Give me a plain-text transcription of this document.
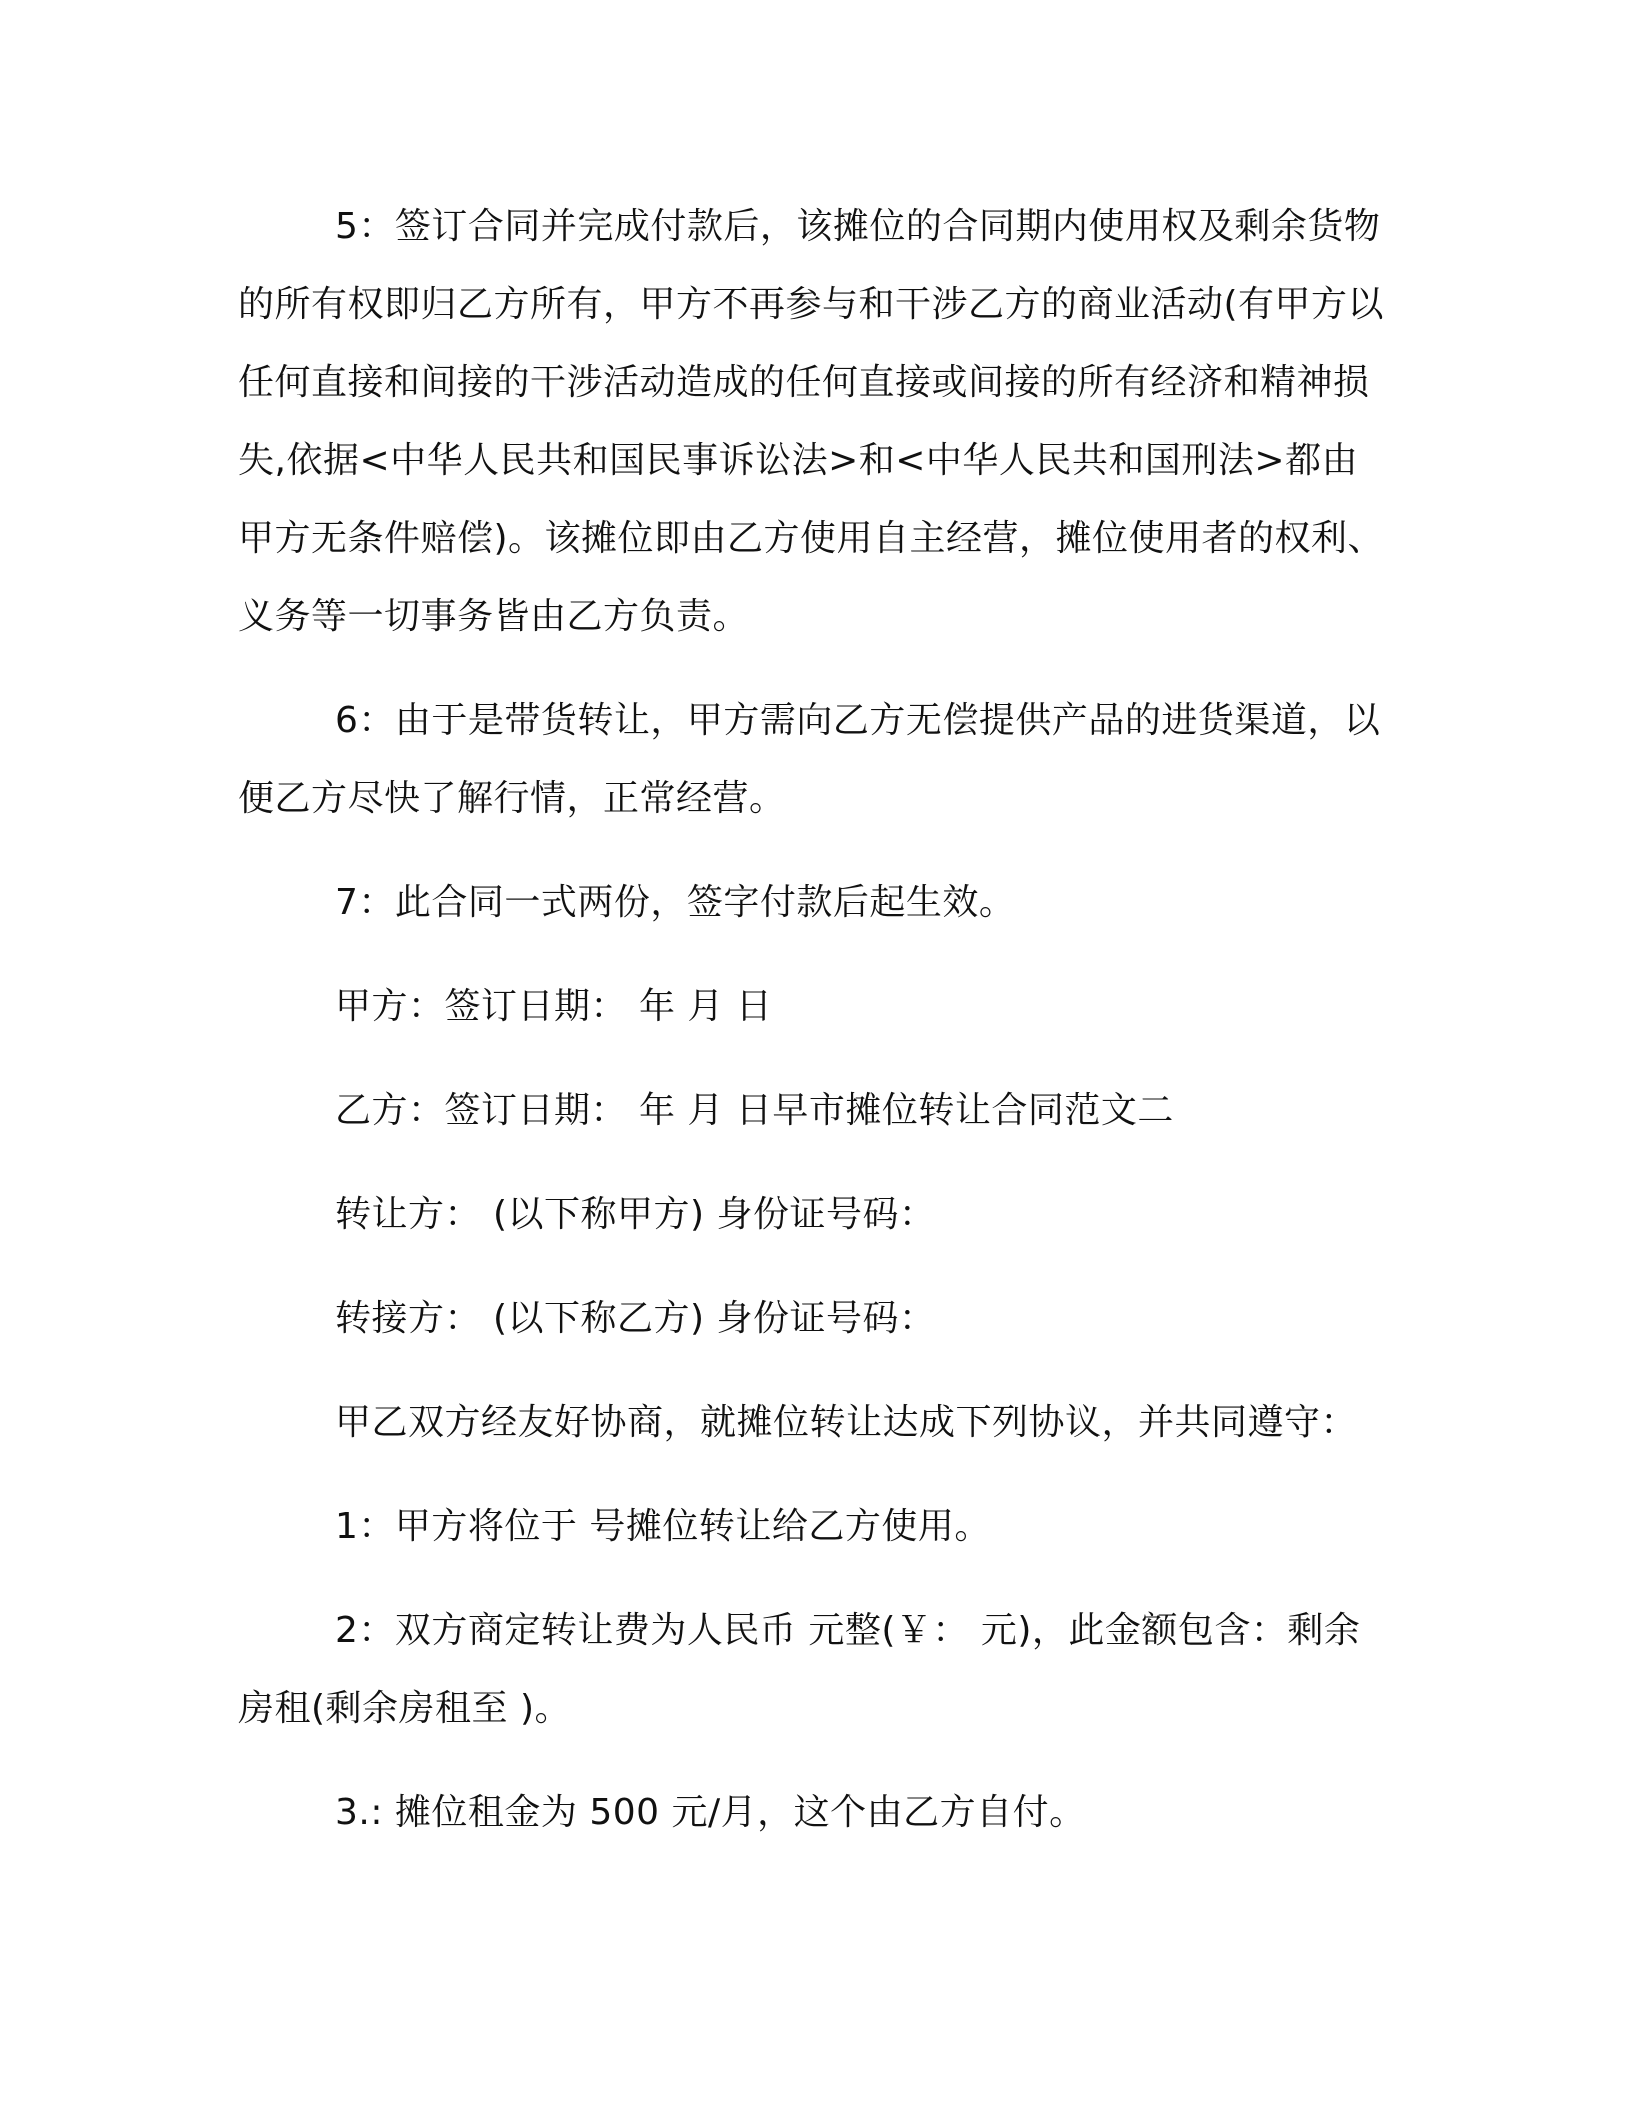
5：签订合同并完成付款后，该摊位的合同期内使用权及剩余货物的所有权即归乙方所有，甲方不再参与和干涉乙方的商业活动(有甲方以任何直接和间接的干涉活动造成的任何直接或间接的所有经济和精神损失,依据<中华人民共和国民事诉讼法>和<中华人民共和国刑法>都由甲方无条件赔偿)。该摊位即由乙方使用自主经营，摊位使用者的权利、义务等一切事务皆由乙方负责。

6：由于是带货转让，甲方需向乙方无偿提供产品的进货渠道，以便乙方尽快了解行情，正常经营。

7：此合同一式两份，签字付款后起生效。

甲方：签订日期： 年 月 日

乙方：签订日期： 年 月 日早市摊位转让合同范文二

转让方： (以下称甲方) 身份证号码：

转接方： (以下称乙方) 身份证号码：

甲乙双方经友好协商，就摊位转让达成下列协议，并共同遵守：

1：甲方将位于 号摊位转让给乙方使用。

2：双方商定转让费为人民币 元整(￥： 元)，此金额包含：剩余房租(剩余房租至 )。

3.: 摊位租金为 500 元/月，这个由乙方自付。
